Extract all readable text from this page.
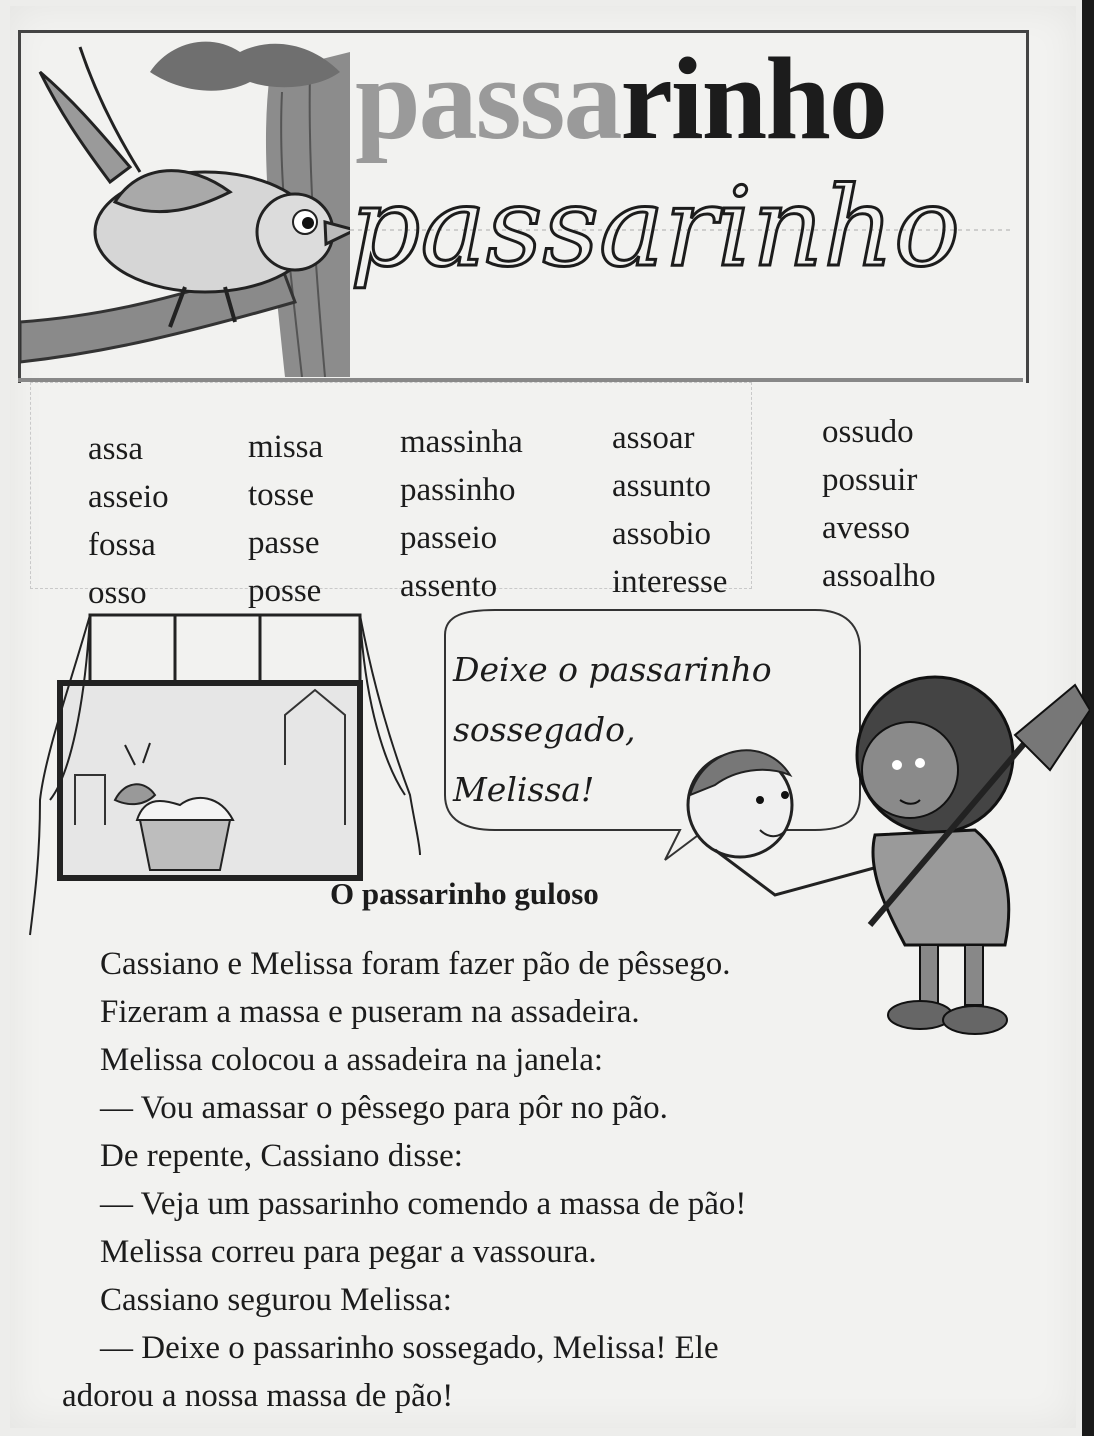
passarinho
passarinho
assa
asseio
fossa
osso
missa
tosse
passe
posse
massinha
passinho
passeio
assento
assoar
assunto
assobio
interesse
ossudo
possuir
avesso
assoalho
Deixe o passarinho
sossegado,
Melissa!
O passarinho guloso
Cassiano e Melissa foram fazer pão de pêssego.
Fizeram a massa e puseram na assadeira.
Melissa colocou a assadeira na janela:
— Vou amassar o pêssego para pôr no pão.
De repente, Cassiano disse:
— Veja um passarinho comendo a massa de pão!
Melissa correu para pegar a vassoura.
Cassiano segurou Melissa:
— Deixe o passarinho sossegado, Melissa! Ele
adorou a nossa massa de pão!
